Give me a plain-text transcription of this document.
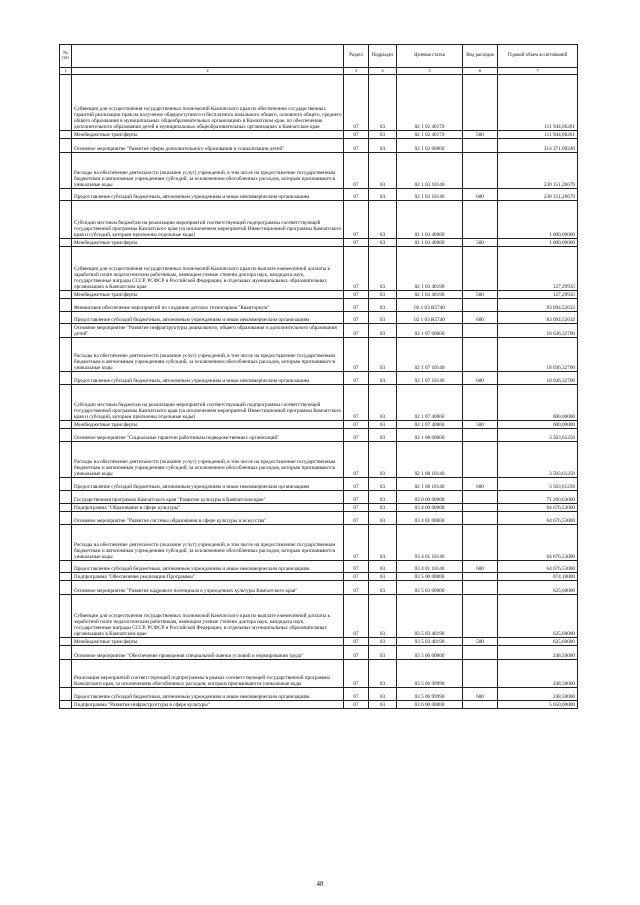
№ п/п		Раздел	Подраздел	Целевая статья	Вид расходов	Годовой объем ассигнований
1	2	3	4	5	6	7
	Субвенции для осуществления государственных полномочий Камчатского края по обеспечению государственных гарантий реализации прав на получение общедоступного и бесплатного начального общего, основного общего, среднего общего образования в муниципальных общеобразовательных организациях в Камчатском крае, по обеспечению дополнительного образования детей в муниципальных общеобразовательных организациях в Камчатском крае	07	03	02 1 02 40170		111 944,06261
	Межбюджетные трансферты	07	03	02 1 02 40170	500	111 944,06261
	Основное мероприятие "Развитие сферы дополнительного образования и социализации детей"	07	03	02 1 03 00000		314 371,09246
	Расходы на обеспечение деятельности (оказание услуг) учреждений, в том числе на предоставление государственным бюджетным и автономным учреждениям субсидий, за исключением обособленных расходов, которым присваиваются уникальные коды	07	03	02 1 03 10140		230 151,26679
	Предоставление субсидий бюджетным, автономным учреждениям и иным некоммерческим организациям	07	03	02 1 03 10140	600	230 151,26679
	Субсидии местным бюджетам на реализацию мероприятий соответствующей подпрограммы соответствующей государственной программы Камчатского края (за исключением мероприятий Инвестиционной программы Камчатского края и субсидий, которым присвоены отдельные коды)	07	03	02 1 03 40060		1 000,00000
	Межбюджетные трансферты	07	03	02 1 03 40060	500	1 000,00000
	Субвенции для осуществления государственных полномочий Камчатского края по выплате ежемесячной доплаты к заработной плате педагогическим работникам, имеющим ученые степени доктора наук, кандидата наук, государственные награды СССР, РСФСР и Российской Федерации, в отдельных муниципальных образовательных организациях в Камчатском крае	07	03	02 1 03 40190		127,29935
	Межбюджетные трансферты	07	03	02 1 03 40190	500	127,29935
	Финансовое обеспечение мероприятий по созданию детских технопарков "Кванториум"	07	03	02 1 03 R5740		83 094,52632
	Предоставление субсидий бюджетным, автономным учреждениям и иным некоммерческим организациям	07	03	02 1 03 R5740	600	83 094,52632
	Основное мероприятие "Развитие инфраструктуры дошкольного, общего образования и дополнительного образования детей"	07	03	02 1 07 00000		18 636,32700
	Расходы на обеспечение деятельности (оказание услуг) учреждений, в том числе на предоставление государственным бюджетным и автономным учреждениям субсидий, за исключением обособленных расходов, которым присваиваются уникальные коды	07	03	02 1 07 10140		18 036,32700
	Предоставление субсидий бюджетным, автономным учреждениям и иным некоммерческим организациям	07	03	02 1 07 10140	600	18 036,32700
	Субсидии местным бюджетам на реализацию мероприятий соответствующей подпрограммы соответствующей государственной программы Камчатского края (за исключением мероприятий Инвестиционной программы Камчатского края и субсидий, которым присвоены отдельные коды)	07	03	02 1 07 40060		600,00000
	Межбюджетные трансферты	07	03	02 1 07 40060	500	600,00000
	Основное мероприятие "Социальные гарантии работникам подведомственных организаций"	07	03	02 1 08 00000		3 503,61250
	Расходы на обеспечение деятельности (оказание услуг) учреждений, в том числе на предоставление государственным бюджетным и автономным учреждениям субсидий, за исключением обособленных расходов, которым присваиваются уникальные коды	07	03	02 1 08 10140		3 503,61250
	Предоставление субсидий бюджетным, автономным учреждениям и иным некоммерческим организациям	07	03	02 1 08 10140	600	3 503,61250
	Государственная программа Камчатского края "Развитие культуры в Камчатском крае"	07	03	03 0 00 00000		71 200,63000
	Подпрограмма "Образование в сфере культуры"	07	03	03 4 00 00000		64 676,53000
	Основное мероприятие "Развитие системы образования в сфере культуры и искусства"	07	03	03 4 01 00000		64 676,53000
	Расходы на обеспечение деятельности (оказание услуг) учреждений, в том числе на предоставление государственным бюджетным и автономным учреждениям субсидий, за исключением обособленных расходов, которым присваиваются уникальные коды	07	03	03 4 01 10140		64 676,53000
	Предоставление субсидий бюджетным, автономным учреждениям и иным некоммерческим организациям	07	03	03 4 01 10140	600	64 676,53000
	Подпрограмма "Обеспечение реализации Программы"	07	03	03 5 00 00000		874,10000
	Основное мероприятие "Развитие кадрового потенциала в учреждениях культуры Камчатского края"	07	03	03 5 03 00000		625,60000
	Субвенции для осуществления государственных полномочий Камчатского края по выплате ежемесячной доплаты к заработной плате педагогическим работникам, имеющим ученые степени доктора наук, кандидата наук, государственные награды СССР, РСФСР и Российской Федерации, в отдельных муниципальных образовательных организациях в Камчатском крае	07	03	03 5 03 40190		625,60000
	Межбюджетные трансферты	07	03	03 5 03 40190	500	625,60000
	Основное мероприятие "Обеспечение проведения специальной оценки условий и нормирования труда"	07	03	03 5 06 00000		248,50000
	Реализация мероприятий соответствующей подпрограммы в рамках соответствующей государственной программы Камчатского края, за исключением обособленных расходов, которым присваиваются уникальные коды	07	03	03 5 06 99990		248,50000
	Предоставление субсидий бюджетным, автономным учреждениям и иным некоммерческим организациям	07	03	03 5 06 99990	600	248,50000
	Подпрограмма "Развитие инфраструктуры в сфере культуры"	07	03	03 6 00 00000		5 650,00000
48
